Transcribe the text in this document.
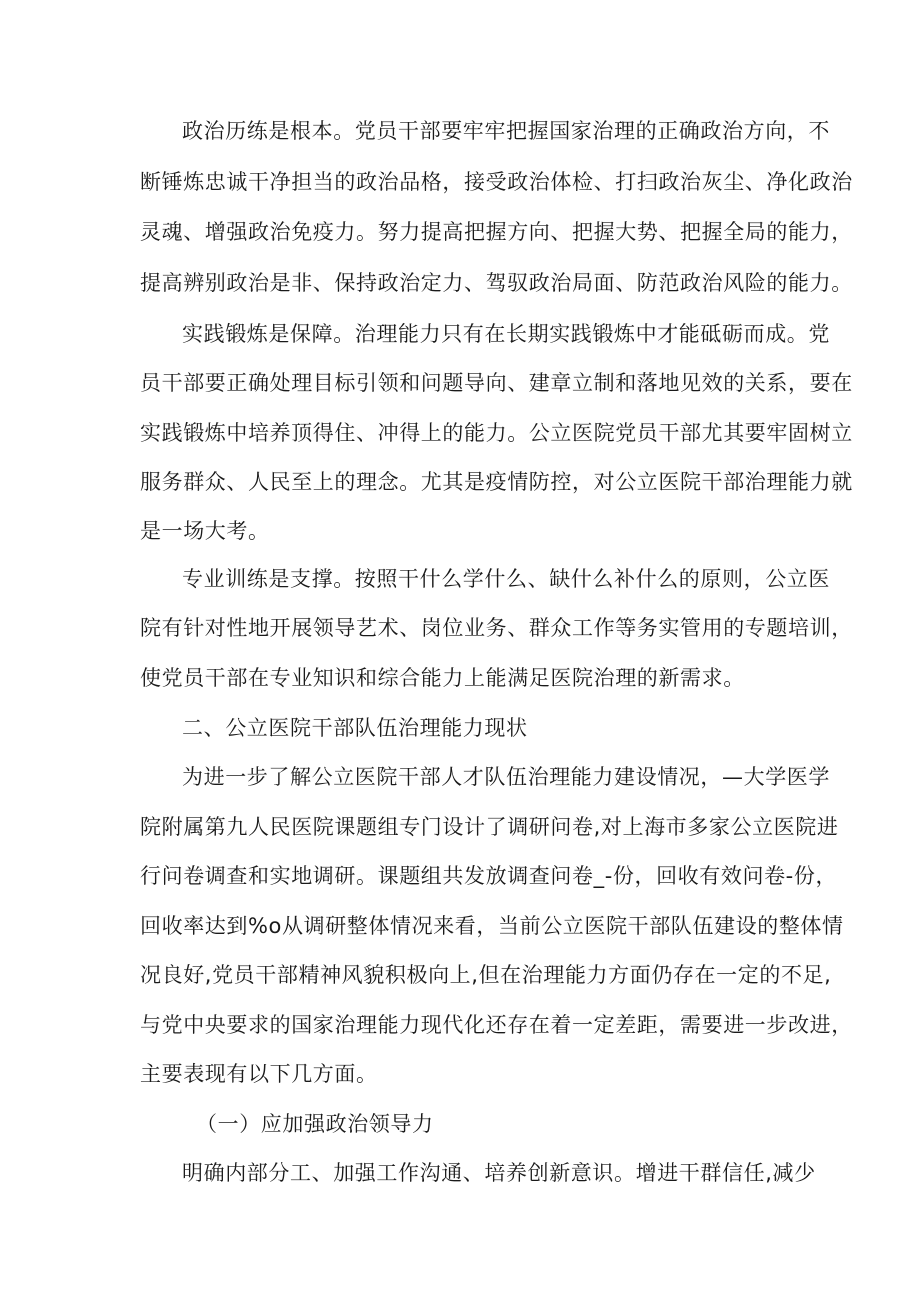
政治历练是根本。党员干部要牢牢把握国家治理的正确政治方向，不
断锤炼忠诚干净担当的政治品格，接受政治体检、打扫政治灰尘、净化政治
灵魂、增强政治免疫力。努力提高把握方向、把握大势、把握全局的能力，
提高辨别政治是非、保持政治定力、驾驭政治局面、防范政治风险的能力。
实践锻炼是保障。治理能力只有在长期实践锻炼中才能砥砺而成。党
员干部要正确处理目标引领和问题导向、建章立制和落地见效的关系，要在
实践锻炼中培养顶得住、冲得上的能力。公立医院党员干部尤其要牢固树立
服务群众、人民至上的理念。尤其是疫情防控，对公立医院干部治理能力就
是一场大考。
专业训练是支撑。按照干什么学什么、缺什么补什么的原则，公立医
院有针对性地开展领导艺术、岗位业务、群众工作等务实管用的专题培训，
使党员干部在专业知识和综合能力上能满足医院治理的新需求。
二、公立医院干部队伍治理能力现状
为进一步了解公立医院干部人才队伍治理能力建设情况，—大学医学
院附属第九人民医院课题组专门设计了调研问卷,对上海市多家公立医院进
行问卷调查和实地调研。课题组共发放调查问卷_-份，回收有效问卷-份，
回收率达到%o从调研整体情况来看，当前公立医院干部队伍建设的整体情
况良好,党员干部精神风貌积极向上,但在治理能力方面仍存在一定的不足,
与党中央要求的国家治理能力现代化还存在着一定差距，需要进一步改进，
主要表现有以下几方面。
（一）应加强政治领导力
明确内部分工、加强工作沟通、培养创新意识。增进干群信任,减少
